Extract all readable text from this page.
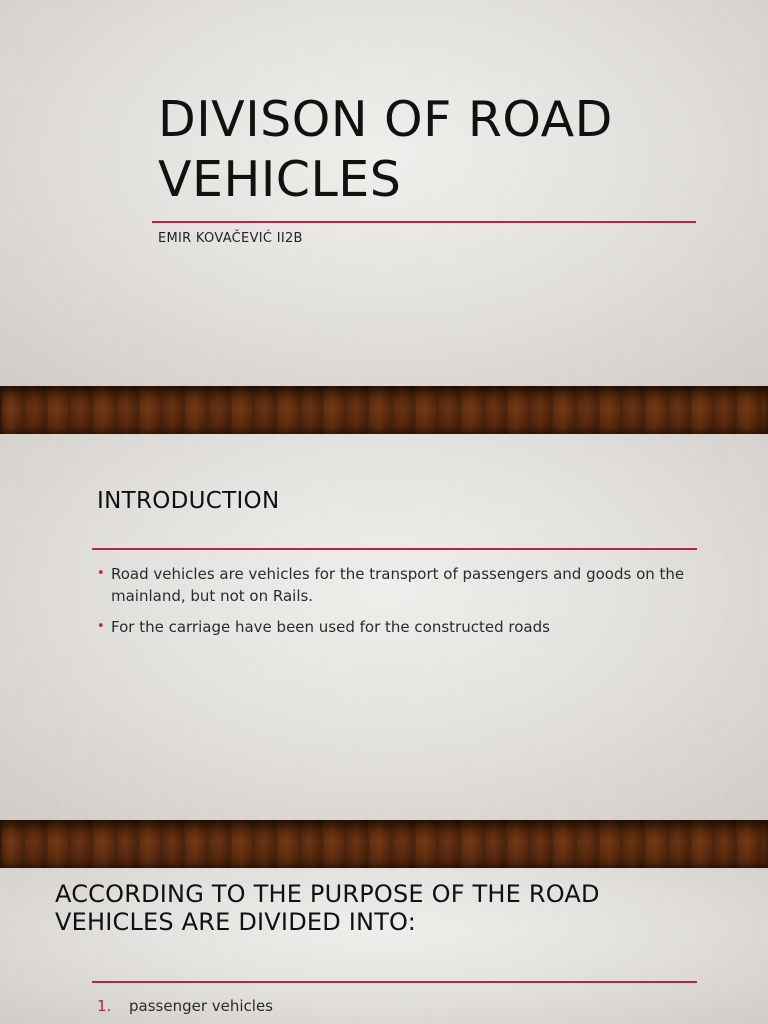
DIVISON OF ROAD VEHICLES

EMIR KOVAČEVIĆ II2B

INTRODUCTION
• Road vehicles are vehicles for the transport of passengers and goods on the mainland, but not on Rails.
• For the carriage have been used for the constructed roads
ACCORDING TO THE PURPOSE OF THE ROAD VEHICLES ARE DIVIDED INTO:
1. passenger vehicles
